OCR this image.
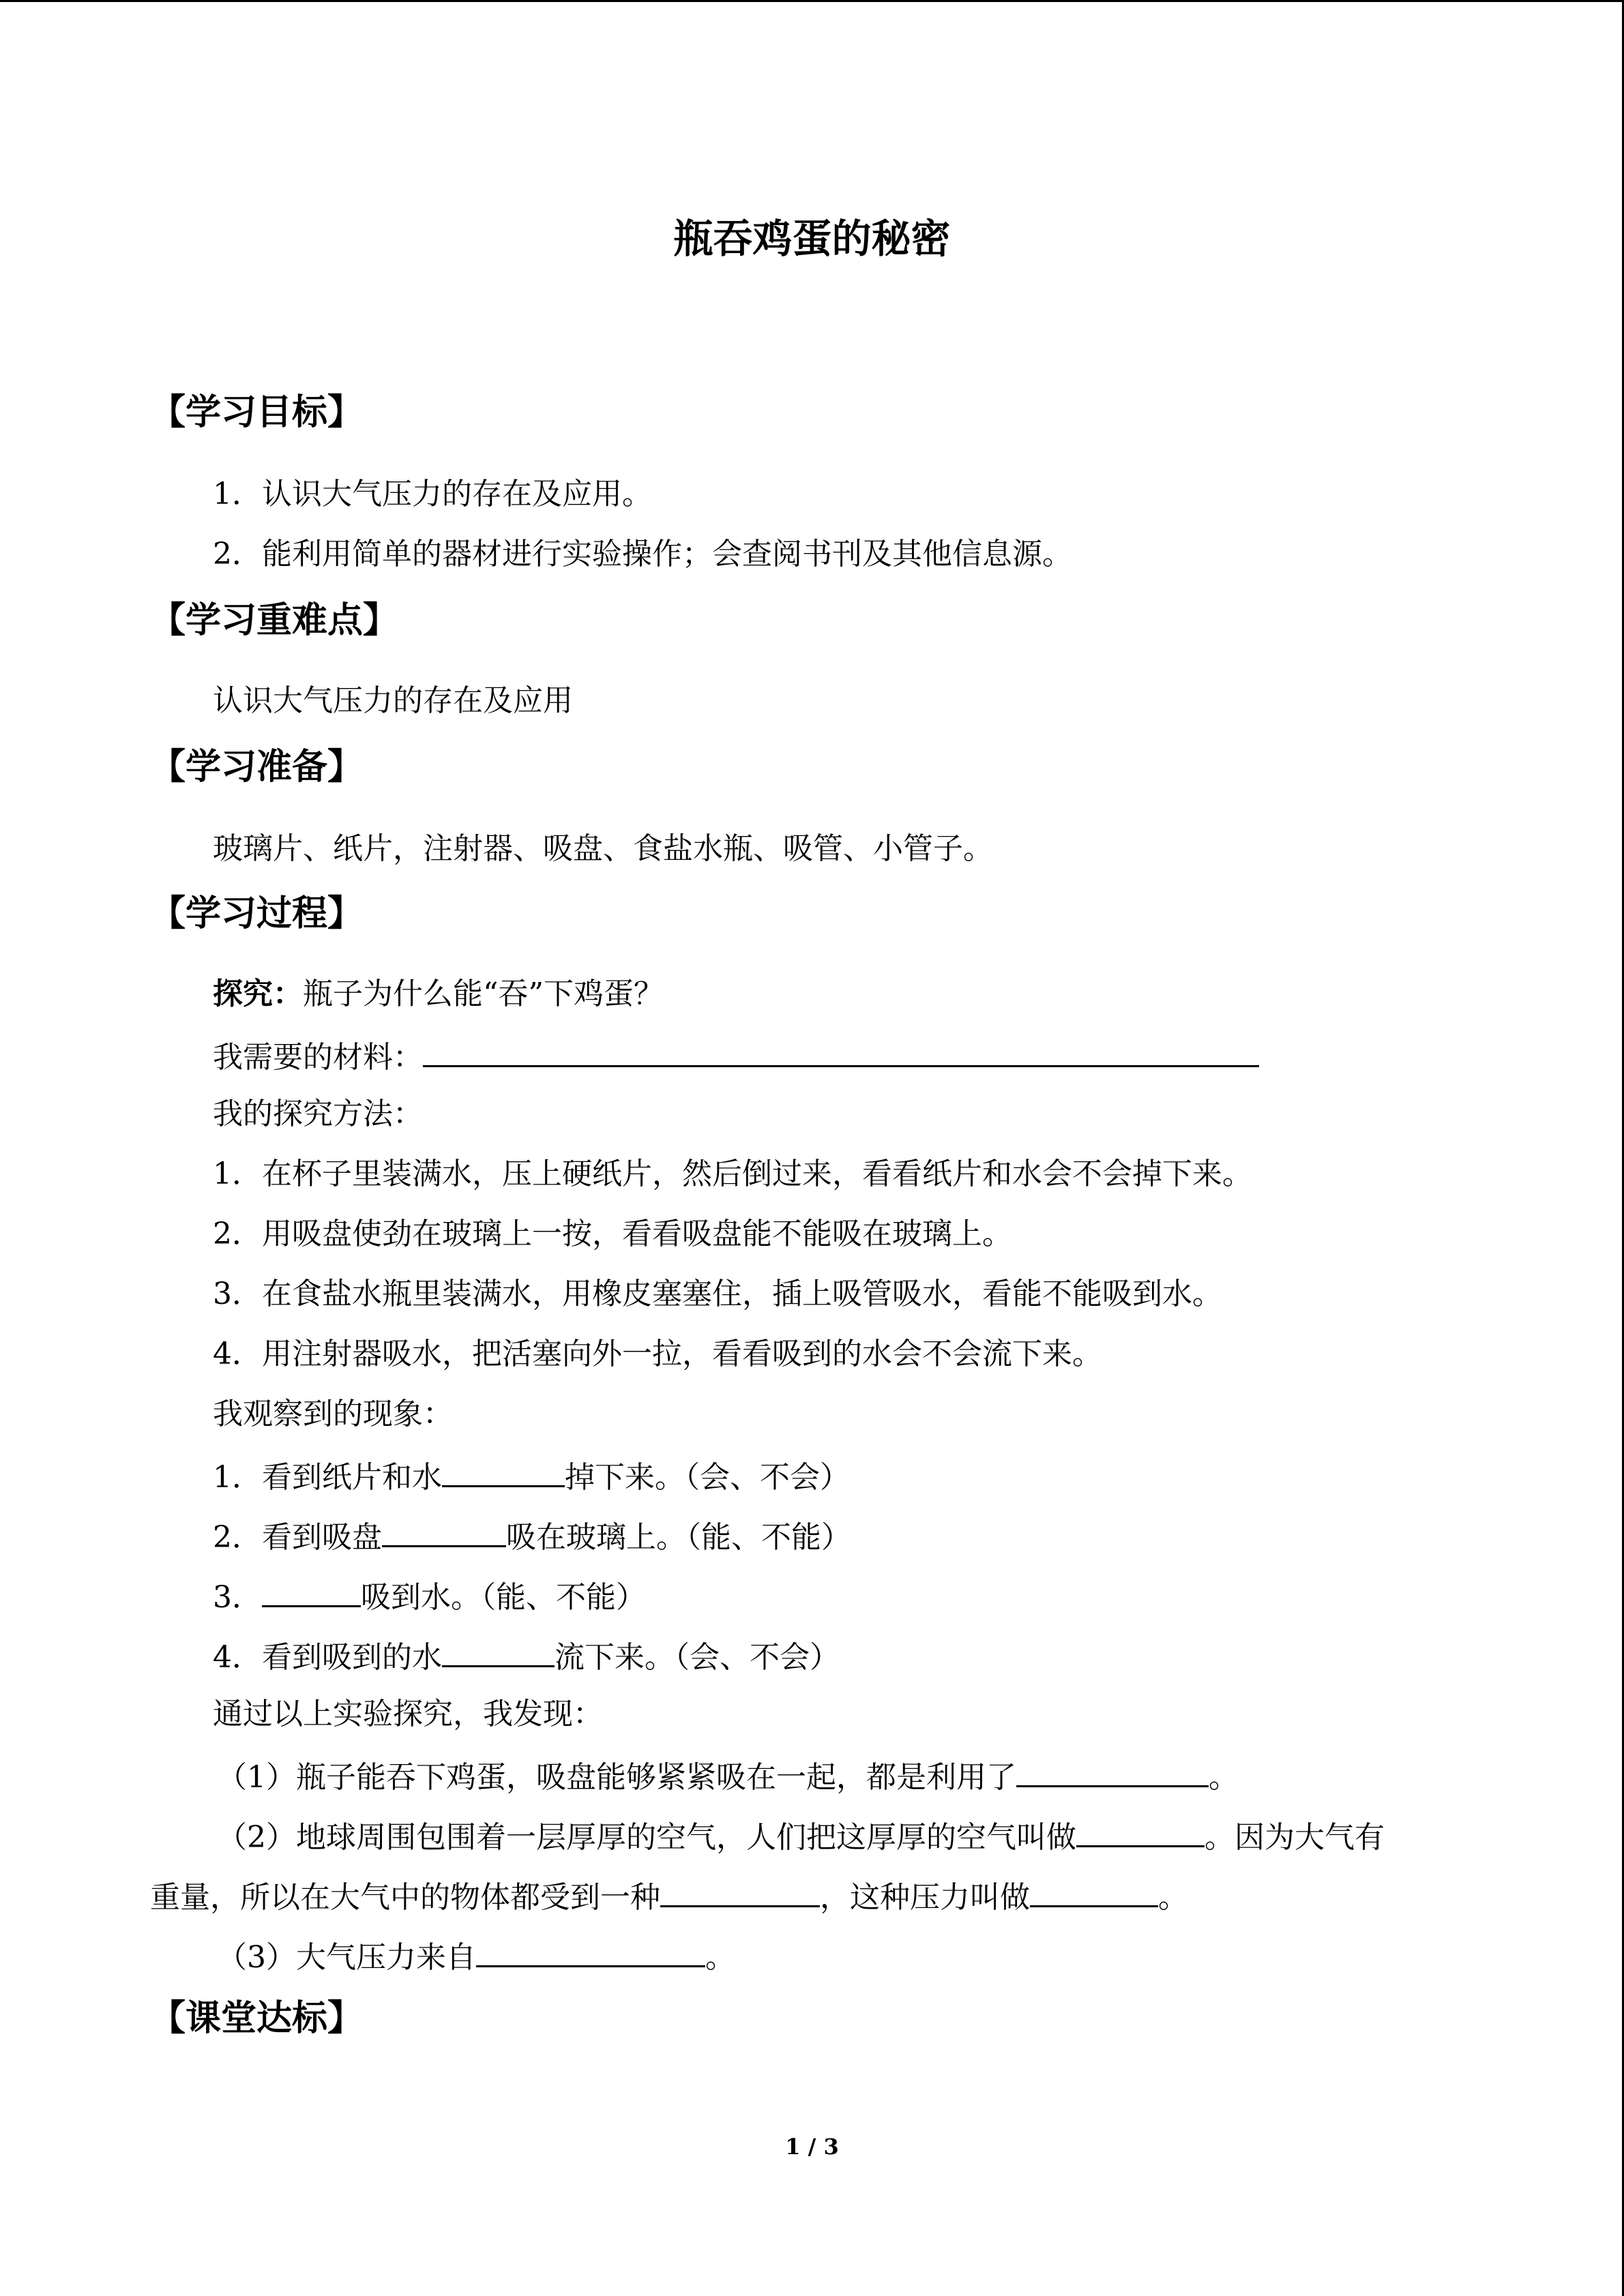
瓶吞鸡蛋的秘密
【学习目标】
1．认识大气压力的存在及应用。
2．能利用简单的器材进行实验操作；会查阅书刊及其他信息源。
【学习重难点】
认识大气压力的存在及应用
【学习准备】
玻璃片、纸片，注射器、吸盘、食盐水瓶、吸管、小管子。
【学习过程】
探究：瓶子为什么能“吞”下鸡蛋？
我需要的材料：
我的探究方法：
1．在杯子里装满水，压上硬纸片，然后倒过来，看看纸片和水会不会掉下来。
2．用吸盘使劲在玻璃上一按，看看吸盘能不能吸在玻璃上。
3．在食盐水瓶里装满水，用橡皮塞塞住，插上吸管吸水，看能不能吸到水。
4．用注射器吸水，把活塞向外一拉，看看吸到的水会不会流下来。
我观察到的现象：
1．看到纸片和水	掉下来。（会、不会）
2．看到吸盘	吸在玻璃上。（能、不能）
3．	吸到水。（能、不能）
4．看到吸到的水	流下来。（会、不会）
通过以上实验探究，我发现：
（1）瓶子能吞下鸡蛋，吸盘能够紧紧吸在一起，都是利用了	。
（2）地球周围包围着一层厚厚的空气，人们把这厚厚的空气叫做	。因为大气有
重量，所以在大气中的物体都受到一种	，这种压力叫做	。
（3）大气压力来自	。
【课堂达标】
1 / 3
